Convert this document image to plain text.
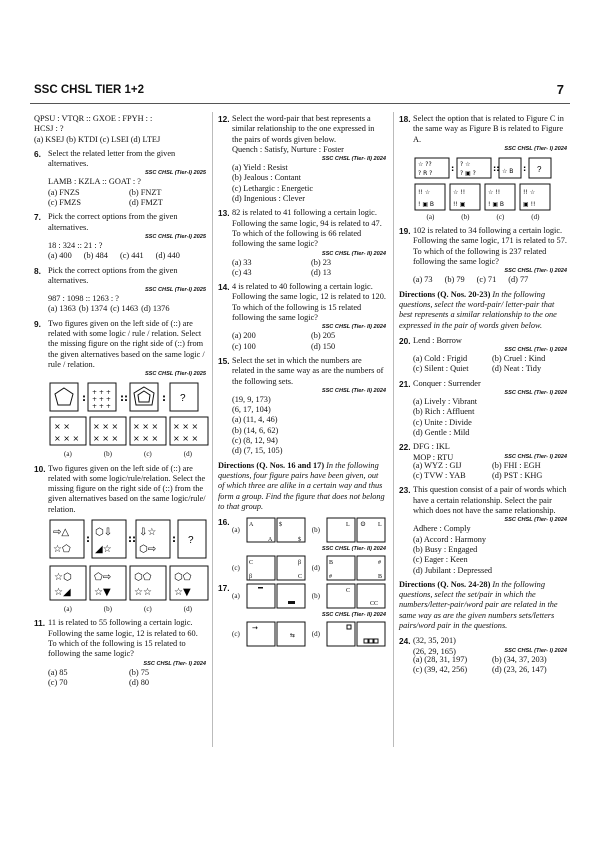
SSC CHSL TIER 1+2	7
QPSU : VTQR :: GXOE : FPYH : :
HCSJ : ?
(a) KSEJ (b) KTDI (c) LSEI (d) LTEJ
6. Select the related letter from the given alternatives.
SSC CHSL (Tier-I) 2025
LAMB : KZLA :: GOAT : ?
(a) FNZS	(b) FNZT
(c) FMZS	(d) FMZT
7. Pick the correct options from the given alternatives.
SSC CHSL (Tier-I) 2025
18 : 324 :: 21 : ?
(a) 400 (b) 484 (c) 441 (d) 440
8. Pick the correct options from the given alternatives.
SSC CHSL (Tier-I) 2025
987 : 1098 :: 1263 : ?
(a) 1363 (b) 1374 (c) 1463 (d) 1376
9. Two figures given on the left side of (::) are related with some logic / rule / relation. Select the missing figure on the right side of (::) from the given alternatives based on the same logic / rule / relation.
SSC CHSL (Tier-I) 2025
:
+ + +
+ + +
+ + +
::	: ?
× ×
× × ×
× × ×
× × ×
× × ×
× × ×
× × ×
× × ×
(a)	(b)	(c)	(d)
10. Two figures given on the left side of (::) are related with some logic/rule/relation. Select the missing figure on the right side of (::) from the given alternatives based on the same logic/rule/ relation.
⇨△
☆⬠
:
⬡⇩
◢☆
::
⇩☆
⬡⇨
: ?
☆⬡
☆◢
⬠⇨
☆▼
⬡⬠
☆☆
⬡⬠
☆▼
(a)	(b)	(c)	(d)
11. 11 is related to 55 following a certain logic. Following the same logic, 12 is related to 60. To which of the following is 15 related to following the same logic?
SSC CHSL (Tier- I) 2024
(a) 85	(b) 75
(c) 70	(d) 80
12. Select the word-pair that best represents a similar relationship to the one expressed in the pairs of words given below.
Quench : Satisfy, Nurture : Foster
SSC CHSL (Tier- II) 2024
(a) Yield : Resist
(b) Jealous : Contant
(c) Lethargic : Energetic
(d) Ingenious : Clever
13. 82 is related to 41 following a certain logic. Following the same logic, 94 is related to 47. To which of the following is 66 related following the same logic?
SSC CHSL (Tier- II) 2024
(a) 33	(b) 23
(c) 43	(d) 13
14. 4 is related to 40 following a certain logic. Following the same logic, 12 is related to 120. To which of the following is 15 related following the same logic?
SSC CHSL (Tier- II) 2024
(a) 200	(b) 205
(c) 100	(d) 150
15. Select the set in which the numbers are related in the same way as are the numbers of the following sets.
SSC CHSL (Tier- II) 2024
(19, 9, 173)
(6, 17, 104)
(a) (11, 4, 46)
(b) (14, 6, 62)
(c) (8, 12, 94)
(d) (7, 15, 105)
Directions (Q. Nos. 16 and 17) In the following questions, four figure pairs have been given, out of which three are alike in a certain way and thus form a group. Find the figure that does not belong to that group.
16.
(a)
A
A
$
$
(b)
L ⊙ L
SSC CHSL (Tier- II) 2024
(c)
C
β
β
C
(d)
B
#
#
B
17.
(a)	(b)
C
CC
SSC CHSL (Tier- II) 2024
(c)
→
⇆ (d)
18. Select the option that is related to Figure C in the same way as Figure B is related to Figure A.
SSC CHSL (Tier- I) 2024
☆ ??
? R ?
: ? ☆
? ▣ ?
:: ☆ B : ?
!! ☆
! ▣ B
☆ !!
!! ▣
☆ !!
! ▣ B
!! ☆
▣ !!
(a)	(b)	(c)	(d)
19. 102 is related to 34 following a certain logic. Following the same logic, 171 is related to 57. To which of the following is 237 related following the same logic?
SSC CHSL (Tier- I) 2024
(a) 73 (b) 79 (c) 71 (d) 77
Directions (Q. Nos. 20-23) In the following questions, select the word-pair/ letter-pair that best represents a similar relationship to the one expressed in the pair of words given below.
20. Lend : Borrow
SSC CHSL (Tier- I) 2024
(a) Cold : Frigid	(b) Cruel : Kind
(c) Silent : Quiet	(d) Neat : Tidy
21. Conquer : Surrender
SSC CHSL (Tier- I) 2024
(a) Lively : Vibrant
(b) Rich : Affluent
(c) Unite : Divide
(d) Gentle : Mild
22. DFG : IKL
MOP : RTU	SSC CHSL (Tier- I) 2024
(a) WYZ : GIJ	(b) FHI : EGH
(c) TVW : YAB	(d) PST : KHG
23. This question consist of a pair of words which have a certain relationship. Select the pair which does not have the same relationship.
SSC CHSL (Tier- I) 2024
Adhere : Comply
(a) Accord : Harmony
(b) Busy : Engaged
(c) Eager : Keen
(d) Jubilant : Depressed
Directions (Q. Nos. 24-28) In the following questions, select the set/pair in which the numbers/letter-pair/word pair are related in the same way as are the given numbers sets/letters pairs/word pair in the questions.
24. (32, 35, 201)
(26, 29, 165)	SSC CHSL (Tier- I) 2024
(a) (28, 31, 197)	(b) (34, 37, 203)
(c) (39, 42, 256)	(d) (23, 26, 147)
